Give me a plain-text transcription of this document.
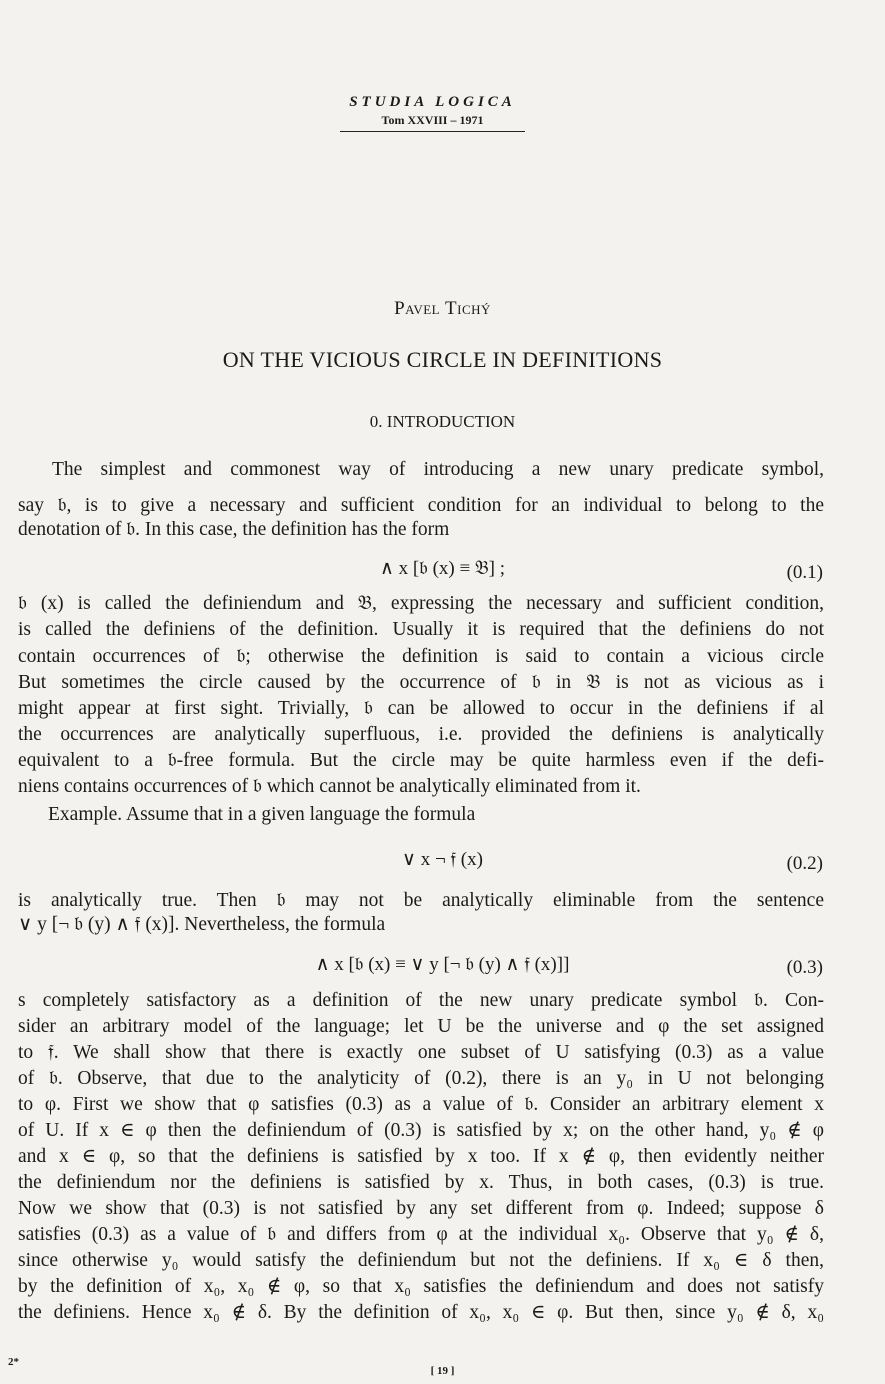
STUDIA LOGICA
Tom XXVIII – 1971
Pavel Tichý
ON THE VICIOUS CIRCLE IN DEFINITIONS
0. INTRODUCTION
The simplest and commonest way of introducing a new unary predicate symbol,
say 𝔟, is to give a necessary and sufficient condition for an individual to belong to the
denotation of 𝔟. In this case, the definition has the form
∧ x [𝔟 (x) ≡ 𝔅] ;	(0.1)
𝔟 (x) is called the definiendum and 𝔅, expressing the necessary and sufficient condition,
is called the definiens of the definition. Usually it is required that the definiens do not
contain occurrences of 𝔟; otherwise the definition is said to contain a vicious circle
But sometimes the circle caused by the occurrence of 𝔟 in 𝔅 is not as vicious as i
might appear at first sight. Trivially, 𝔟 can be allowed to occur in the definiens if al
the occurrences are analytically superfluous, i.e. provided the definiens is analytically
equivalent to a 𝔟-free formula. But the circle may be quite harmless even if the defi-
niens contains occurrences of 𝔟 which cannot be analytically eliminated from it.
Example. Assume that in a given language the formula
∨ x ¬ 𝔣 (x)	(0.2)
is analytically true. Then 𝔟 may not be analytically eliminable from the sentence
∨ y [¬ 𝔟 (y) ∧ 𝔣 (x)]. Nevertheless, the formula
∧ x [𝔟 (x) ≡ ∨ y [¬ 𝔟 (y) ∧ 𝔣 (x)]]	(0.3)
s completely satisfactory as a definition of the new unary predicate symbol 𝔟. Con-
sider an arbitrary model of the language; let U be the universe and φ the set assigned
to 𝔣. We shall show that there is exactly one subset of U satisfying (0.3) as a value
of 𝔟. Observe, that due to the analyticity of (0.2), there is an y₀ in U not belonging
to φ. First we show that φ satisfies (0.3) as a value of 𝔟. Consider an arbitrary element x
of U. If x ∈ φ then the definiendum of (0.3) is satisfied by x; on the other hand, y₀ ∉ φ
and x ∈ φ, so that the definiens is satisfied by x too. If x ∉ φ, then evidently neither
the definiendum nor the definiens is satisfied by x. Thus, in both cases, (0.3) is true.
Now we show that (0.3) is not satisfied by any set different from φ. Indeed; suppose δ
satisfies (0.3) as a value of 𝔟 and differs from φ at the individual x₀. Observe that y₀ ∉ δ,
since otherwise y₀ would satisfy the definiendum but not the definiens. If x₀ ∈ δ then,
by the definition of x₀, x₀ ∉ φ, so that x₀ satisfies the definiendum and does not satisfy
the definiens. Hence x₀ ∉ δ. By the definition of x₀, x₀ ∈ φ. But then, since y₀ ∉ δ, x₀
2*
[ 19 ]
